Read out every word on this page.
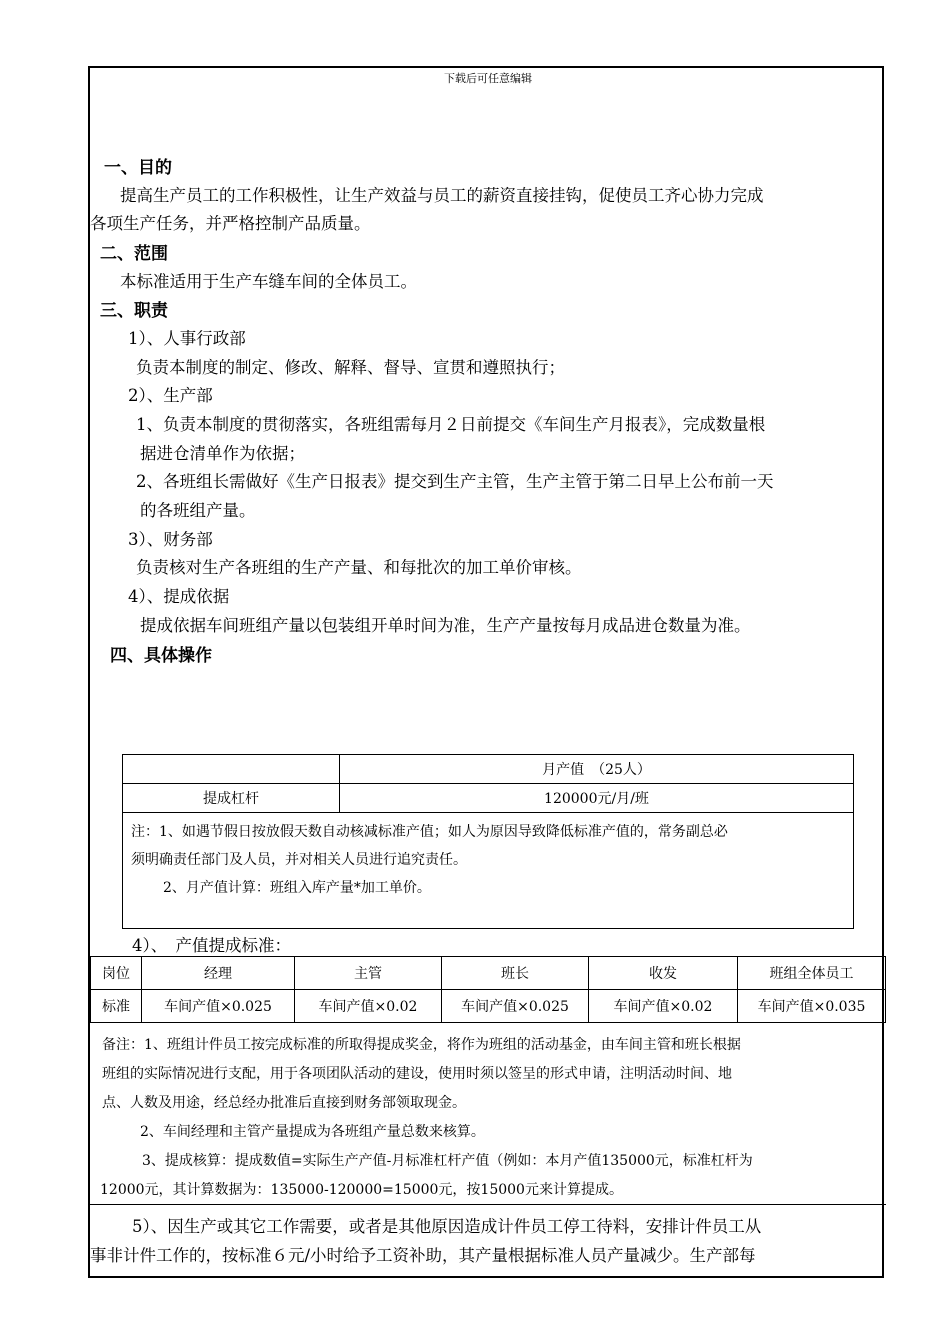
下载后可任意编辑
一、目的
提高生产员工的工作积极性，让生产效益与员工的薪资直接挂钩，促使员工齐心协力完成
各项生产任务，并严格控制产品质量。
二、范围
本标准适用于生产车缝车间的全体员工。
三、职责
1）、人事行政部
负责本制度的制定、修改、解释、督导、宣贯和遵照执行；
2）、生产部
1、负责本制度的贯彻落实，各班组需每月２日前提交《车间生产月报表》，完成数量根
据进仓清单作为依据；
2、各班组长需做好《生产日报表》提交到生产主管，生产主管于第二日早上公布前一天
的各班组产量。
3）、财务部
负责核对生产各班组的生产产量、和每批次的加工单价审核。
4）、提成依据
提成依据车间班组产量以包装组开单时间为准，生产产量按每月成品进仓数量为准。
四、具体操作
	月产值　（25人）
提成杠杆	120000元/月/班

注：1、如遇节假日按放假天数自动核减标准产值；如人为原因导致降低标准产值的，常务副总必
须明确责任部门及人员，并对相关人员进行追究责任。
2、月产值计算：班组入库产量*加工单价。	
4）、　产值提成标准：
岗位	经理	主管	班长	收发	班组全体员工
标准	车间产值×0.025	车间产值×0.02	车间产值×0.025	车间产值×0.02	车间产值×0.035
备注：1、班组计件员工按完成标准的所取得提成奖金，将作为班组的活动基金，由车间主管和班长根据
班组的实际情况进行支配，用于各项团队活动的建设，使用时须以签呈的形式申请，注明活动时间、地
点、人数及用途，经总经办批准后直接到财务部领取现金。
2、车间经理和主管产量提成为各班组产量总数来核算。
3、提成核算：提成数值=实际生产产值-月标准杠杆产值（例如：本月产值135000元，标准杠杆为
12000元，其计算数据为：135000-120000=15000元，按15000元来计算提成。
5）、因生产或其它工作需要，或者是其他原因造成计件员工停工待料，安排计件员工从
事非计件工作的，按标准６元/小时给予工资补助，其产量根据标准人员产量减少。生产部每
